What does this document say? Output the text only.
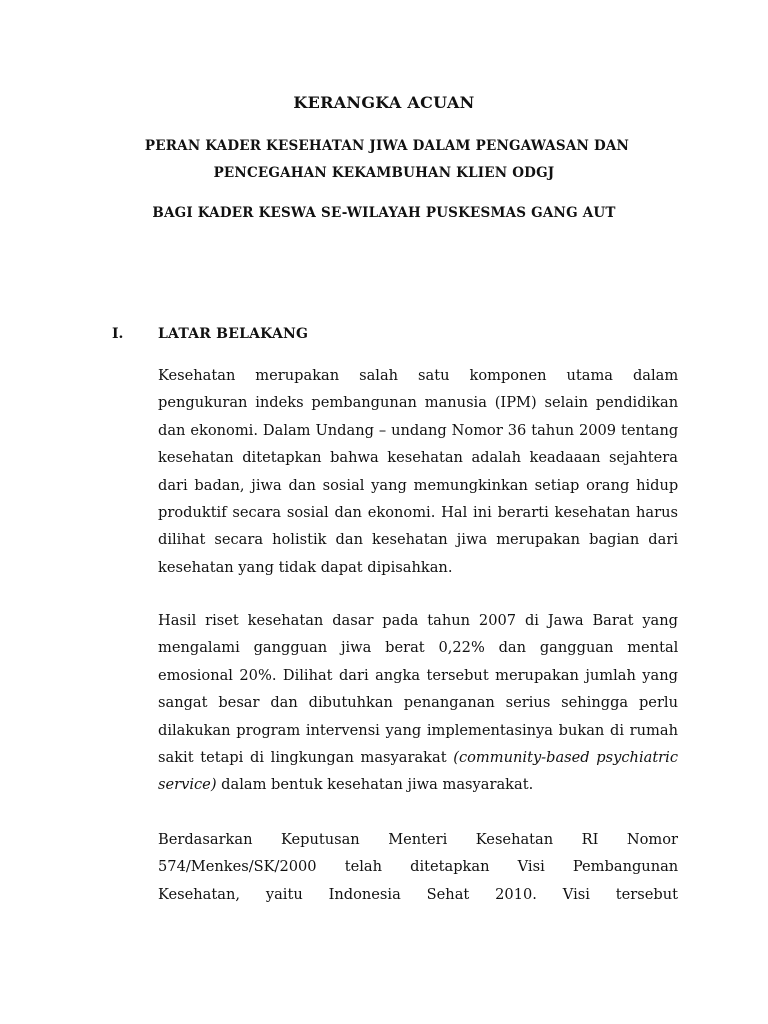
KERANGKA ACUAN
PERAN KADER KESEHATAN JIWA DALAM PENGAWASAN DAN
PENCEGAHAN KEKAMBUHAN KLIEN ODGJ
BAGI KADER KESWA SE-WILAYAH PUSKESMAS GANG AUT
I. LATAR BELAKANG
Kesehatan merupakan salah satu komponen utama dalam
pengukuran indeks pembangunan manusia (IPM) selain pendidikan
dan ekonomi. Dalam Undang – undang Nomor 36 tahun 2009 tentang
kesehatan ditetapkan bahwa kesehatan adalah keadaaan sejahtera
dari badan, jiwa dan sosial yang memungkinkan setiap orang hidup
produktif secara sosial dan ekonomi. Hal ini berarti kesehatan harus
dilihat secara holistik dan kesehatan jiwa merupakan bagian dari
kesehatan yang tidak dapat dipisahkan.
Hasil riset kesehatan dasar pada tahun 2007 di Jawa Barat yang
mengalami gangguan jiwa berat 0,22% dan gangguan mental
emosional 20%. Dilihat dari angka tersebut merupakan jumlah yang
sangat besar dan dibutuhkan penanganan serius sehingga perlu
dilakukan program intervensi yang implementasinya bukan di rumah
sakit tetapi di lingkungan masyarakat (community-based psychiatric
service) dalam bentuk kesehatan jiwa masyarakat.
Berdasarkan Keputusan Menteri Kesehatan RI Nomor
574/Menkes/SK/2000 telah ditetapkan Visi Pembangunan
Kesehatan, yaitu Indonesia Sehat 2010. Visi tersebut
